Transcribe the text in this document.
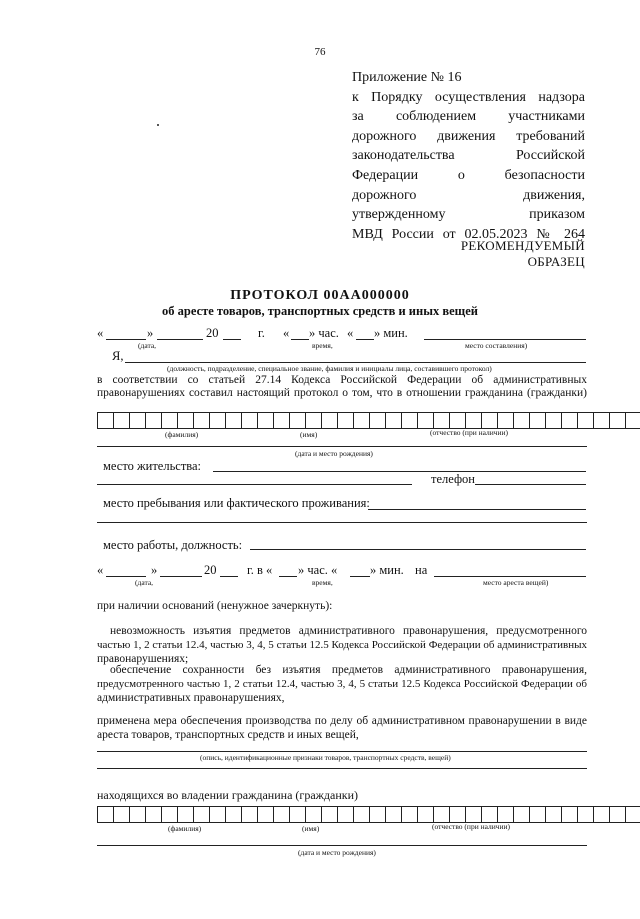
76
Приложение № 16
к Порядку осуществления надзора
за соблюдением участниками
дорожного движения требований
законодательства Российской
Федерации о безопасности
дорожного движения,
утвержденному приказом
МВД России от 02.05.2023 № 264
РЕКОМЕНДУЕМЫЙ ОБРАЗЕЦ
ПРОТОКОЛ 00АА000000
об аресте товаров, транспортных средств и иных вещей
«	»	20	г. « » час. « » мин.
(дата,	время,	место составления)
Я,
(должность, подразделение, специальное звание, фамилия и инициалы лица, составившего протокол)
в соответствии со статьей 27.14 Кодекса Российской Федерации об административных
правонарушениях составил настоящий протокол о том, что в отношении гражданина (гражданки)
(фамилия)	(имя)	(отчество (при наличии)
(дата и место рождения)
место жительства:
телефон
место пребывания или фактического проживания:
место работы, должность:
«	»	20 г. в « » час. «	» мин. на
(дата,	время,	место ареста вещей)
при наличии оснований (ненужное зачеркнуть):
невозможность изъятия предметов административного правонарушения, предусмотренного
частью 1, 2 статьи 12.4, частью 3, 4, 5 статьи 12.5 Кодекса Российской Федерации об административных
правонарушениях;
обеспечение сохранности без изъятия предметов административного правонарушения,
предусмотренного частью 1, 2 статьи 12.4, частью 3, 4, 5 статьи 12.5 Кодекса Российской Федерации об
административных правонарушениях,
применена мера обеспечения производства по делу об административном правонарушении в виде
ареста товаров, транспортных средств и иных вещей,
(опись, идентификационные признаки товаров, транспортных средств, вещей)
находящихся во владении гражданина (гражданки)
(фамилия)	(имя)	(отчество (при наличии)
(дата и место рождения)
